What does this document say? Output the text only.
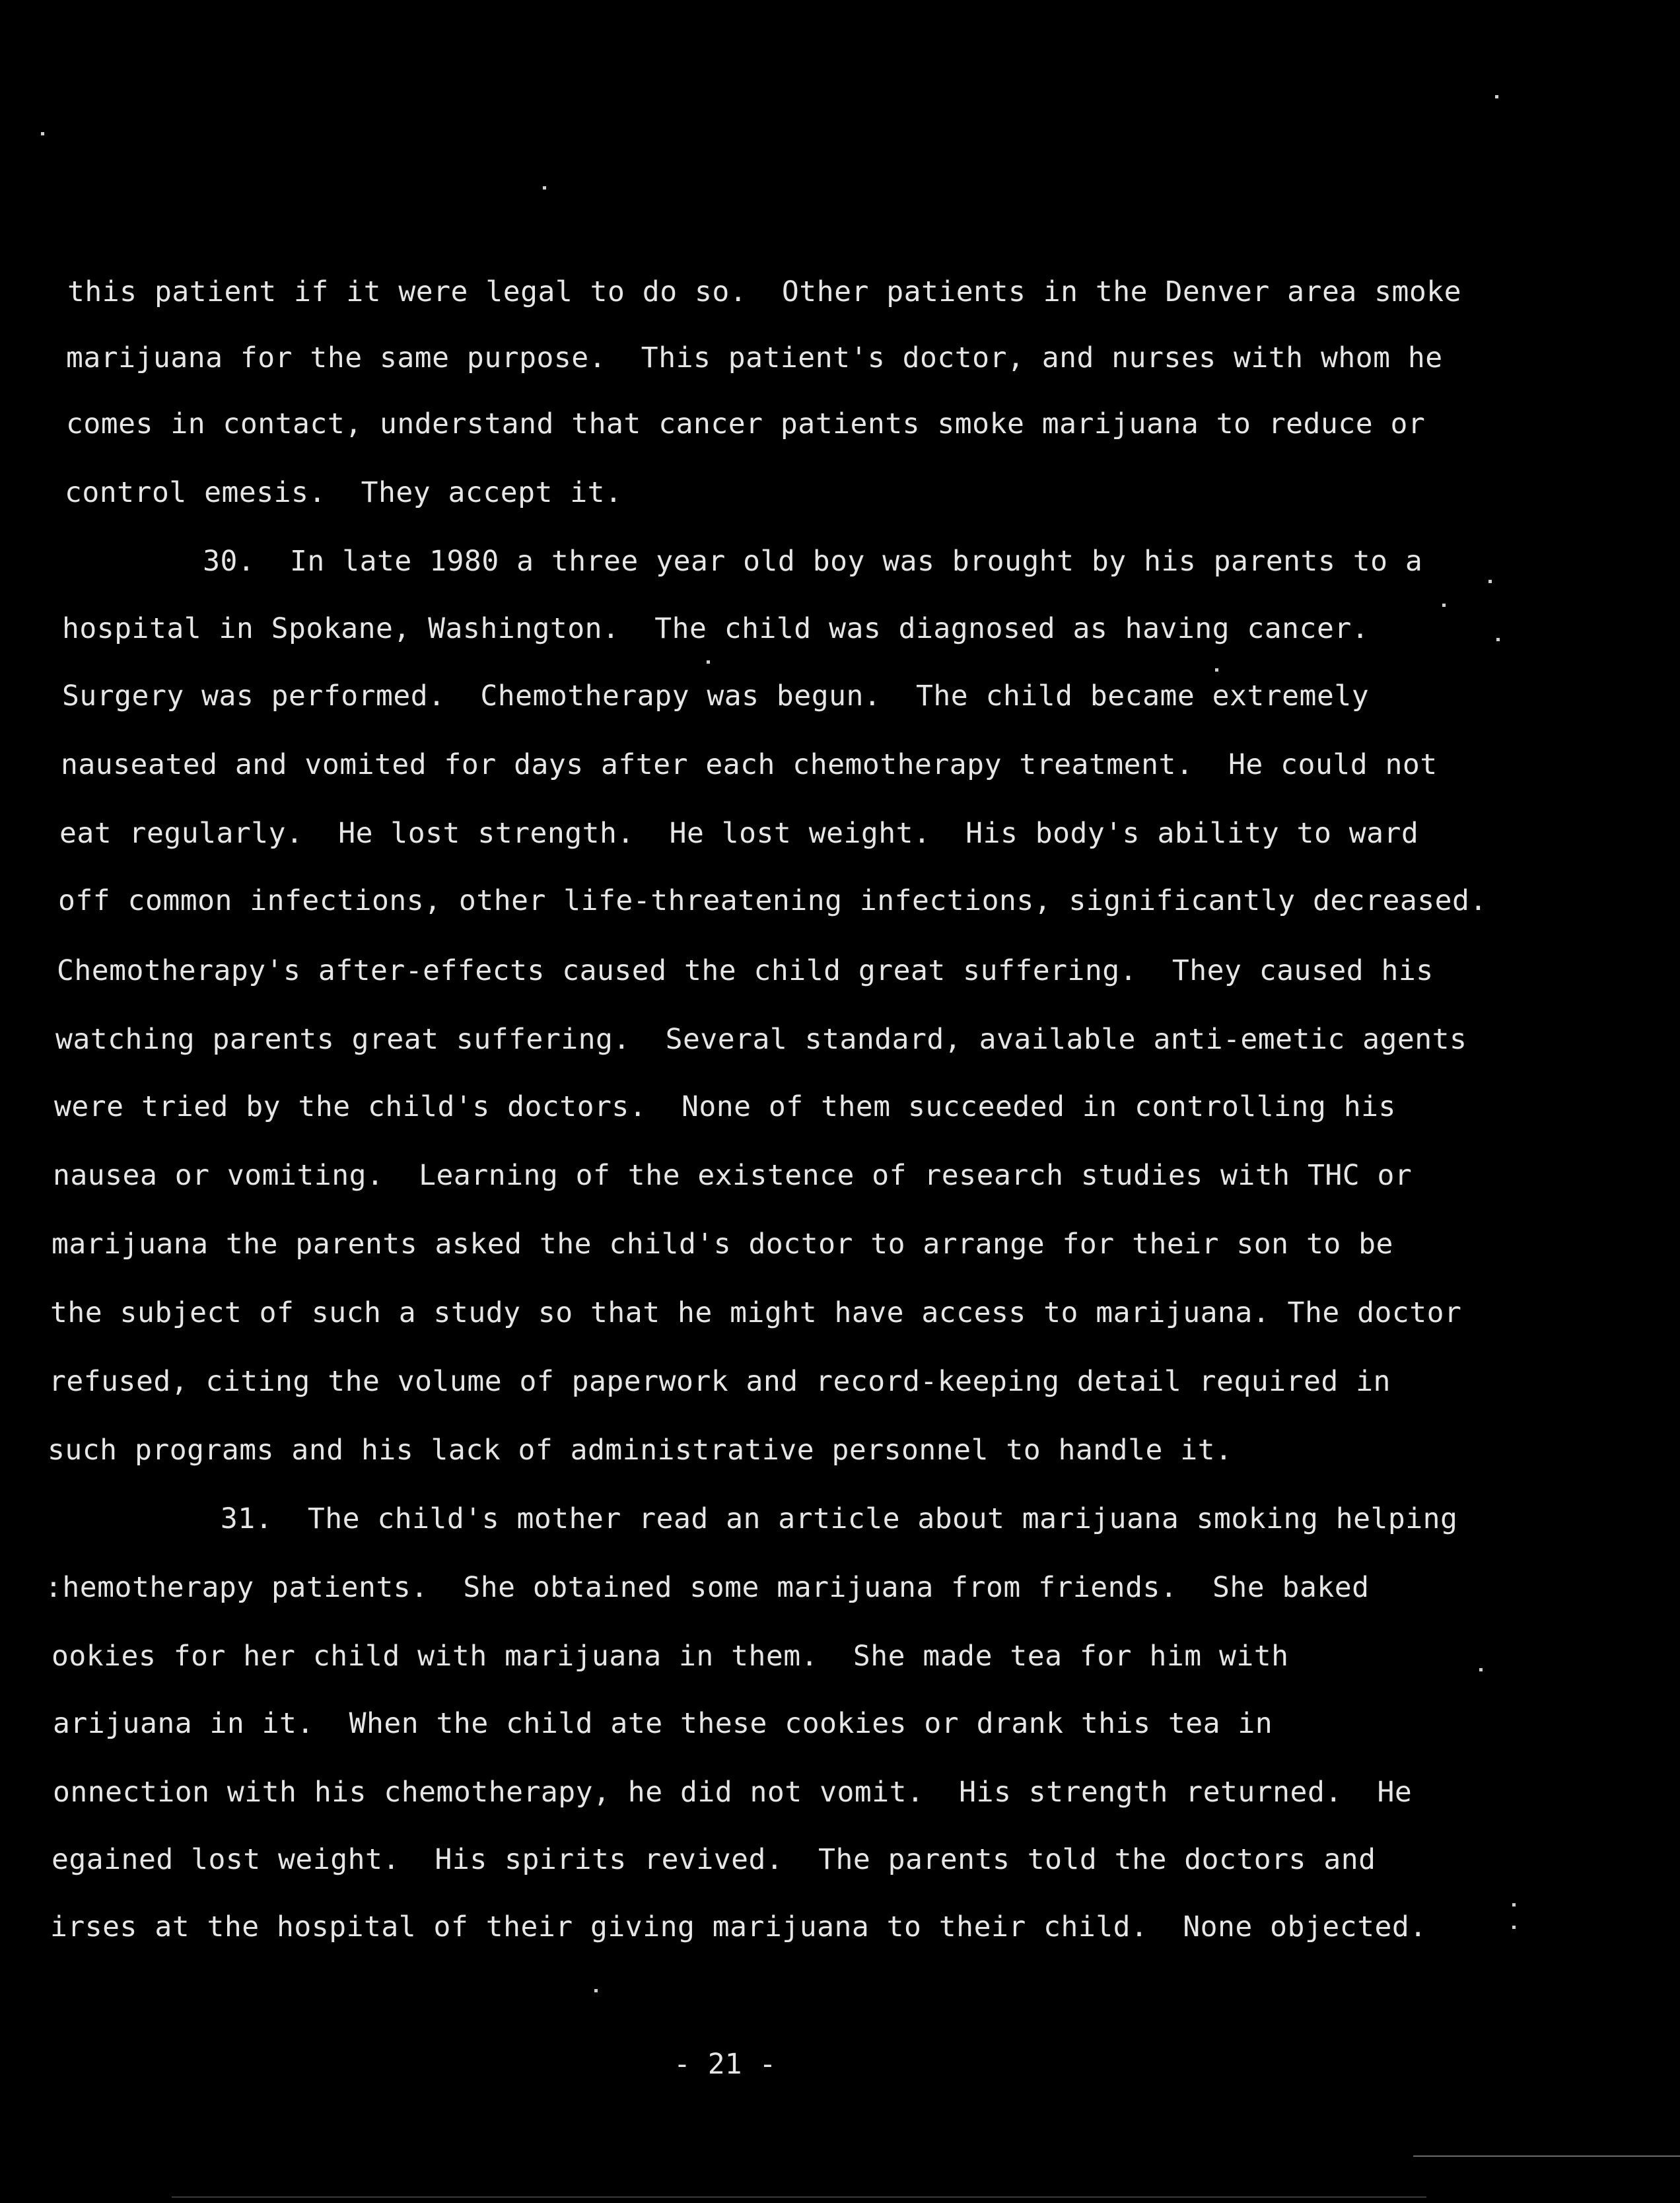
this patient if it were legal to do so.  Other patients in the Denver area smoke
marijuana for the same purpose.  This patient's doctor, and nurses with whom he
comes in contact, understand that cancer patients smoke marijuana to reduce or
control emesis.  They accept it.
30.  In late 1980 a three year old boy was brought by his parents to a
hospital in Spokane, Washington.  The child was diagnosed as having cancer.
Surgery was performed.  Chemotherapy was begun.  The child became extremely
nauseated and vomited for days after each chemotherapy treatment.  He could not
eat regularly.  He lost strength.  He lost weight.  His body's ability to ward
off common infections, other life-threatening infections, significantly decreased.
Chemotherapy's after-effects caused the child great suffering.  They caused his
watching parents great suffering.  Several standard, available anti-emetic agents
were tried by the child's doctors.  None of them succeeded in controlling his
nausea or vomiting.  Learning of the existence of research studies with THC or
marijuana the parents asked the child's doctor to arrange for their son to be
the subject of such a study so that he might have access to marijuana. The doctor
refused, citing the volume of paperwork and record-keeping detail required in
such programs and his lack of administrative personnel to handle it.
31.  The child's mother read an article about marijuana smoking helping
:hemotherapy patients.  She obtained some marijuana from friends.  She baked
ookies for her child with marijuana in them.  She made tea for him with
arijuana in it.  When the child ate these cookies or drank this tea in
onnection with his chemotherapy, he did not vomit.  His strength returned.  He
egained lost weight.  His spirits revived.  The parents told the doctors and
irses at the hospital of their giving marijuana to their child.  None objected.
- 21 -
